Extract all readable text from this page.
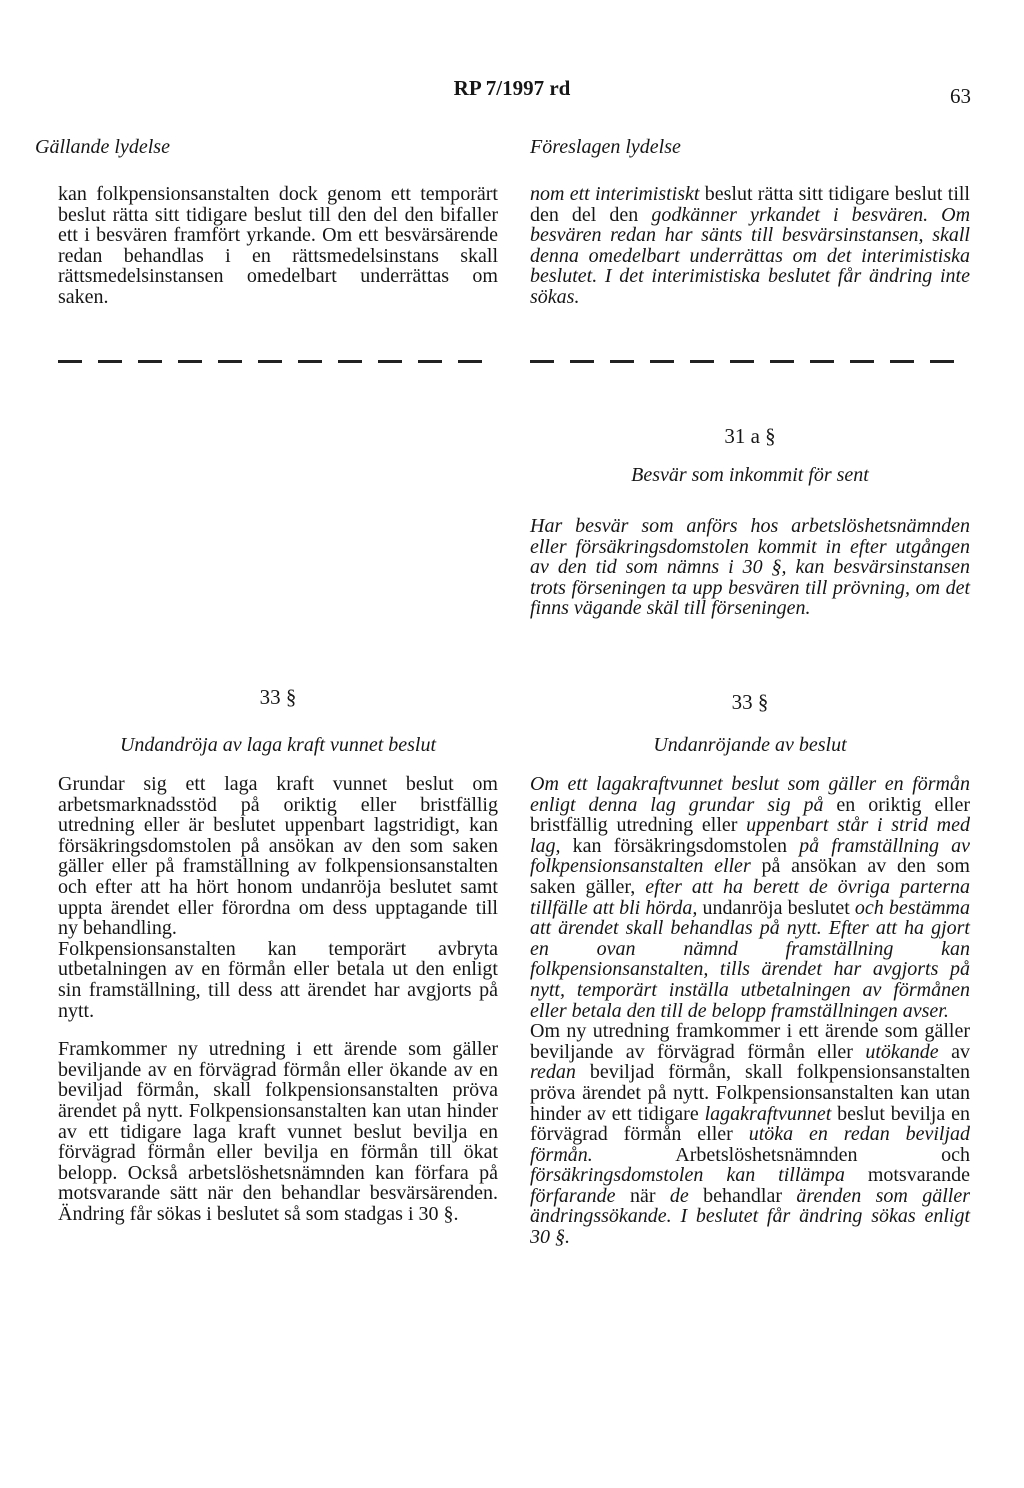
RP 7/1997 rd	63
Gällande lydelse	Föreslagen lydelse

kan folkpensionsanstalten dock genom ett temporärt beslut rätta sitt tidigare beslut till den del den bifaller ett i besvären framfört yrkande. Om ett besvärsärende redan behandlas i en rättsmedelsinstans skall rättsmedelsinstansen omedelbart underrättas om saken.

nom ett interimistiskt beslut rätta sitt tidigare beslut till den del den godkänner yrkandet i besvären. Om besvären redan har sänts till besvärsinstansen, skall denna omedelbart underrättas om det interimistiska beslutet. I det interimistiska beslutet får ändring inte sökas.

31 a §
Besvär som inkommit för sent

Har besvär som anförs hos arbetslöshetsnämnden eller försäkringsdomstolen kommit in efter utgången av den tid som nämns i 30 §, kan besvärsinstansen trots förseningen ta upp besvären till prövning, om det finns vägande skäl till förseningen.

33 §
Undandröja av laga kraft vunnet beslut

Grundar sig ett laga kraft vunnet beslut om arbetsmarknadsstöd på oriktig eller bristfällig utredning eller är beslutet uppenbart lagstridigt, kan försäkringsdomstolen på ansökan av den som saken gäller eller på framställning av folkpensionsanstalten och efter att ha hört honom undanröja beslutet samt uppta ärendet eller förordna om dess upptagande till ny behandling.

Folkpensionsanstalten kan temporärt avbryta utbetalningen av en förmån eller betala ut den enligt sin framställning, till dess att ärendet har avgjorts på nytt.

Framkommer ny utredning i ett ärende som gäller beviljande av en förvägrad förmån eller ökande av en beviljad förmån, skall folkpensionsanstalten pröva ärendet på nytt. Folkpensionsanstalten kan utan hinder av ett tidigare laga kraft vunnet beslut bevilja en förvägrad förmån eller bevilja en förmån till ökat belopp. Också arbetslöshetsnämnden kan förfara på motsvarande sätt när den behandlar besvärsärenden. Ändring får sökas i beslutet så som stadgas i 30 §.

33 §
Undanröjande av beslut

Om ett lagakraftvunnet beslut som gäller en förmån enligt denna lag grundar sig på en oriktig eller bristfällig utredning eller uppenbart står i strid med lag, kan försäkringsdomstolen på framställning av folkpensionsanstalten eller på ansökan av den som saken gäller, efter att ha berett de övriga parterna tillfälle att bli hörda, undanröja beslutet och bestämma att ärendet skall behandlas på nytt. Efter att ha gjort en ovan nämnd framställning kan folkpensionsanstalten, tills ärendet har avgjorts på nytt, temporärt inställa utbetalningen av förmånen eller betala den till de belopp framställningen avser.

Om ny utredning framkommer i ett ärende som gäller beviljande av förvägrad förmån eller utökande av redan beviljad förmån, skall folkpensionsanstalten pröva ärendet på nytt. Folkpensionsanstalten kan utan hinder av ett tidigare lagakraftvunnet beslut bevilja en förvägrad förmån eller utöka en redan beviljad förmån. Arbetslöshetsnämnden och försäkringsdomstolen kan tillämpa motsvarande förfarande när de behandlar ärenden som gäller ändringssökande. I beslutet får ändring sökas enligt 30 §.
